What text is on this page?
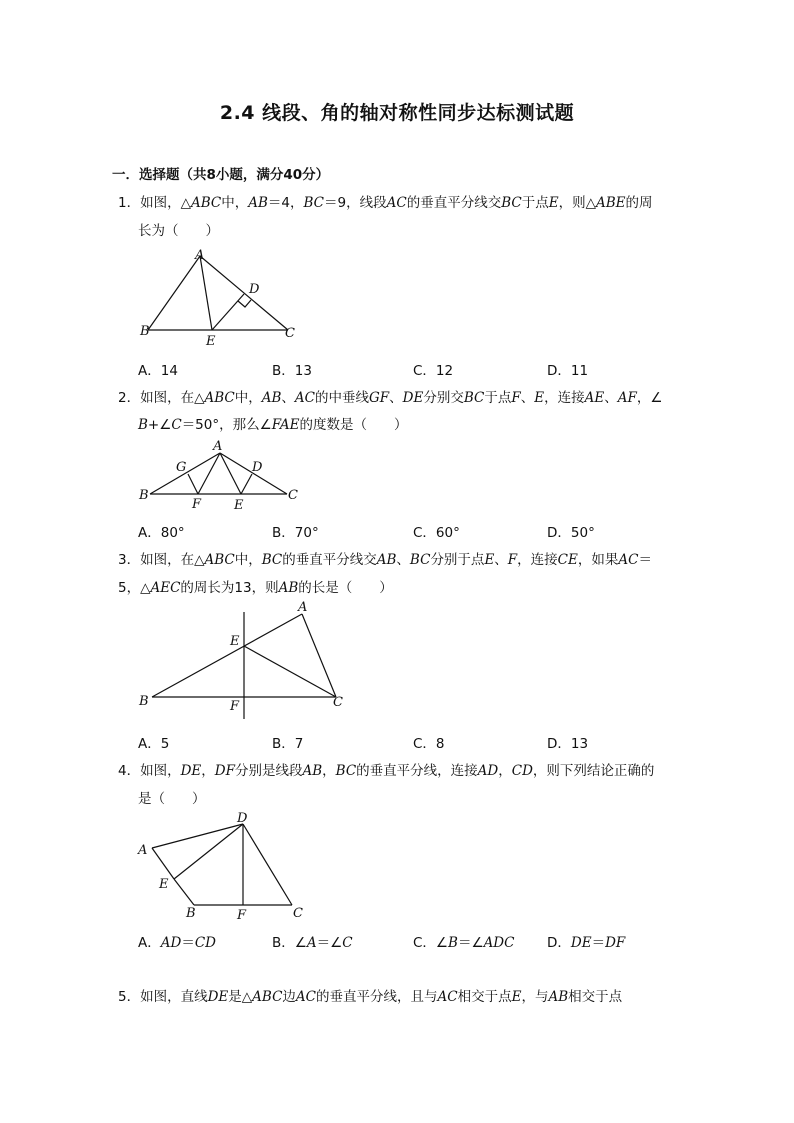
2.4 线段、角的轴对称性同步达标测试题
一．选择题（共8小题，满分40分）
1．如图，△ABC中，AB＝4，BC＝9，线段AC的垂直平分线交BC于点E，则△ABE的周
长为（　　）
A
B	C
D
E
A．14	B．13	C．12	D．11
2．如图，在△ABC中，AB、AC的中垂线GF、DE分别交BC于点F、E，连接AE、AF，∠
B+∠C＝50°，那么∠FAE的度数是（　　）
A
B	C
D
E
F
G
A．80°	B．70°	C．60°	D．50°
3．如图，在△ABC中，BC的垂直平分线交AB、BC分别于点E、F，连接CE，如果AC＝
5，△AEC的周长为13，则AB的长是（　　）
A
B	C
E
F
A．5	B．7	C．8	D．13
4．如图，DE，DF分别是线段AB，BC的垂直平分线，连接AD，CD，则下列结论正确的
是（　　）
A
B	C
D
E
F
A．AD＝CD	B．∠A＝∠C	C．∠B＝∠ADC D．DE＝DF
5．如图，直线DE是△ABC边AC的垂直平分线，且与AC相交于点E，与AB相交于点
